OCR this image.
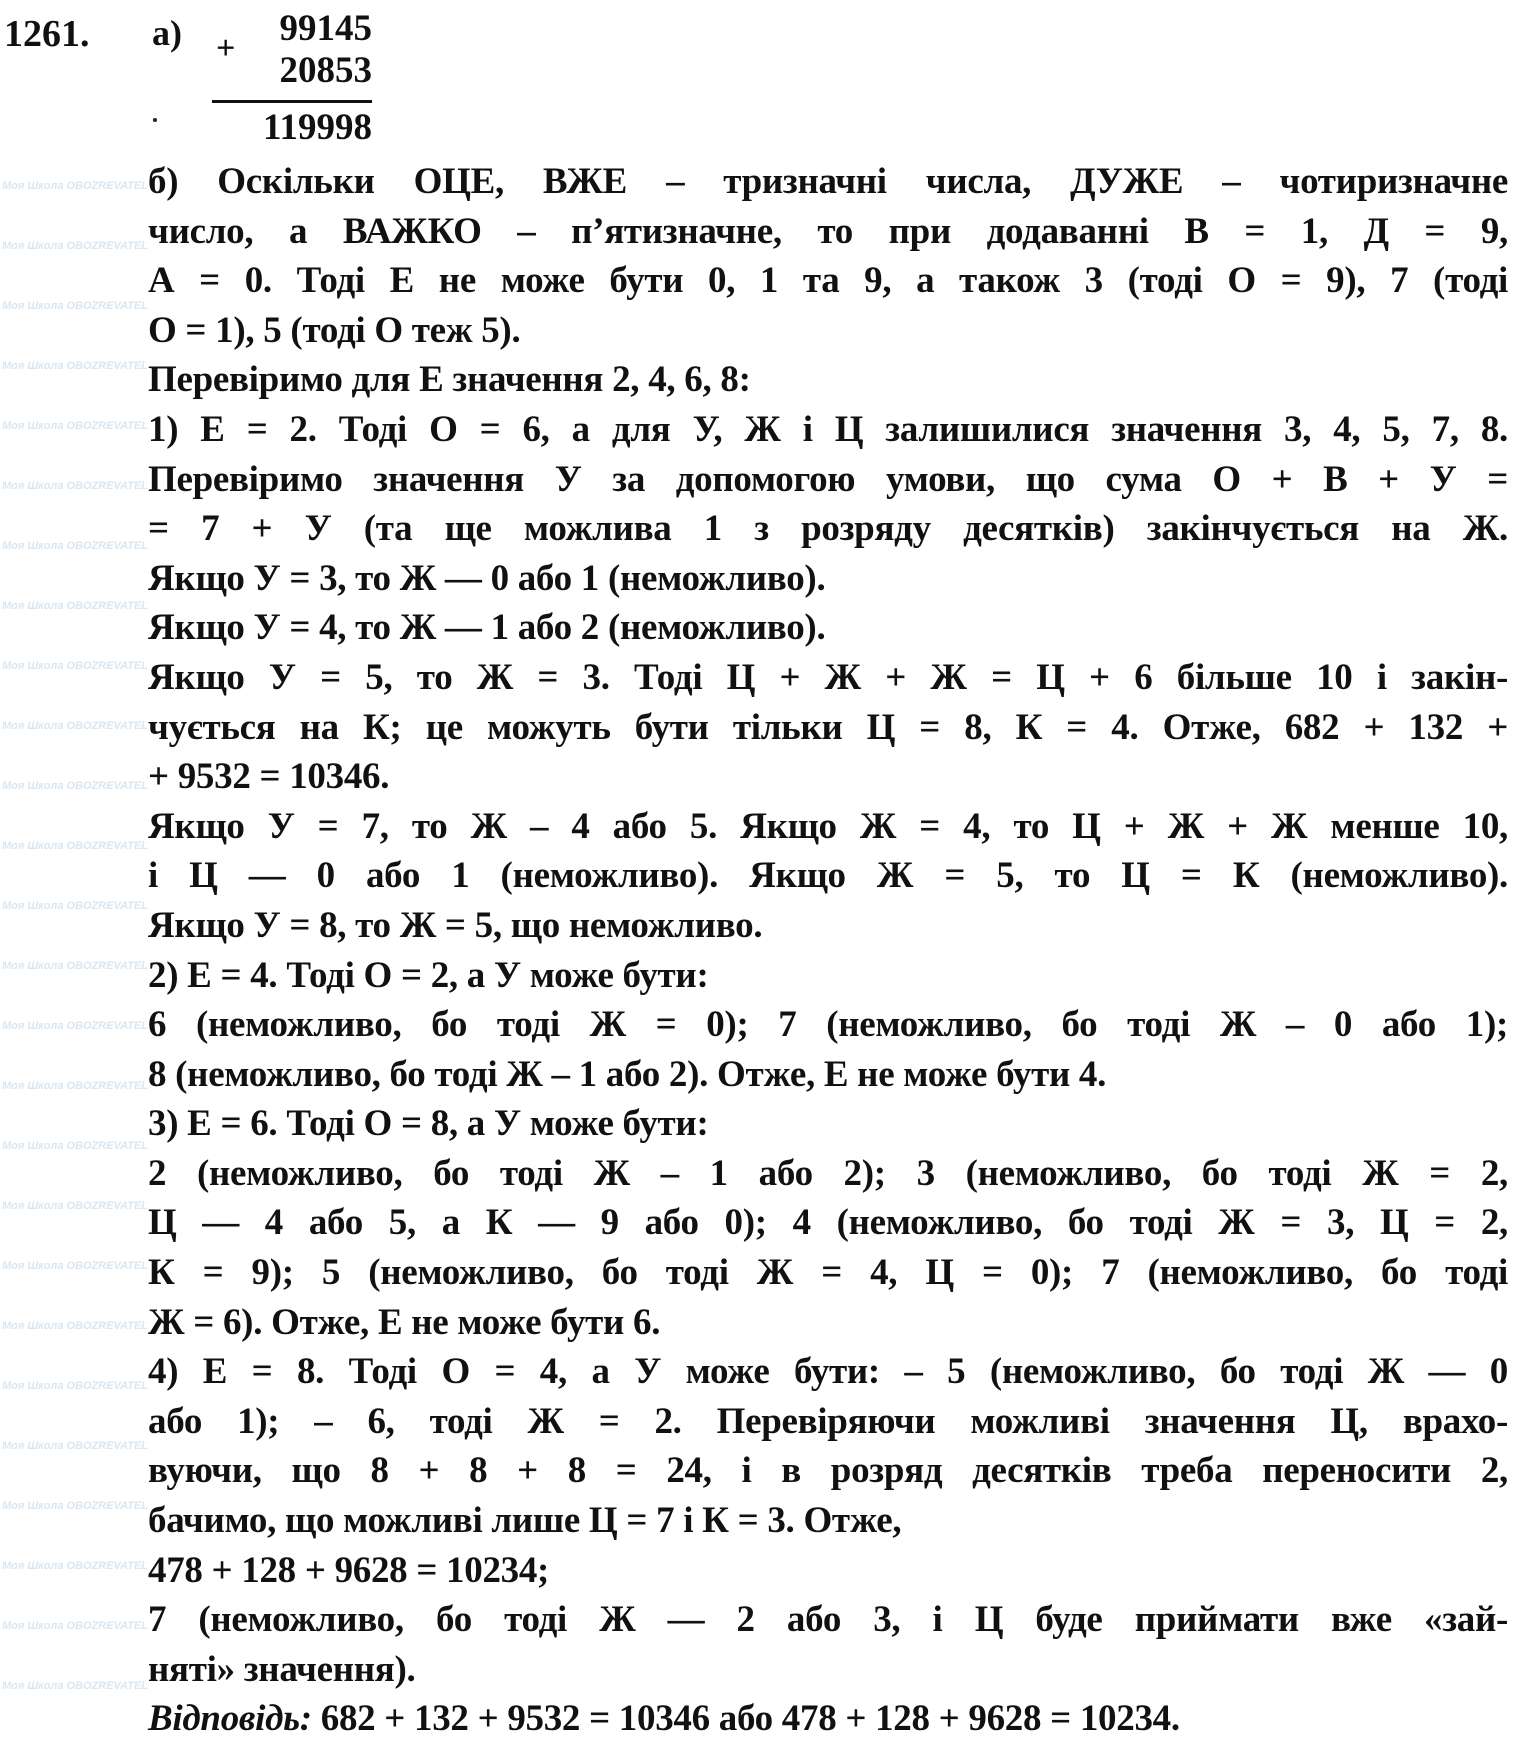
Моя Школа OBOZREVATEL
Моя Школа OBOZREVATEL
Моя Школа OBOZREVATEL
Моя Школа OBOZREVATEL
Моя Школа OBOZREVATEL
Моя Школа OBOZREVATEL
Моя Школа OBOZREVATEL
Моя Школа OBOZREVATEL
Моя Школа OBOZREVATEL
Моя Школа OBOZREVATEL
Моя Школа OBOZREVATEL
Моя Школа OBOZREVATEL
Моя Школа OBOZREVATEL
Моя Школа OBOZREVATEL
Моя Школа OBOZREVATEL
Моя Школа OBOZREVATEL
Моя Школа OBOZREVATEL
Моя Школа OBOZREVATEL
Моя Школа OBOZREVATEL
Моя Школа OBOZREVATEL
Моя Школа OBOZREVATEL
Моя Школа OBOZREVATEL
Моя Школа OBOZREVATEL
Моя Школа OBOZREVATEL
Моя Школа OBOZREVATEL
Моя Школа OBOZREVATEL
1261. а) +	99145
20853
119998
б) Оскільки ОЦЕ, ВЖЕ – тризначні числа, ДУЖЕ – чотиризначне
число, а ВАЖКО – п’ятизначне, то при додаванні В = 1, Д = 9,
А = 0. Тоді Е не може бути 0, 1 та 9, а також 3 (тоді О = 9), 7 (тоді
О = 1), 5 (тоді О теж 5).
Перевіримо для Е значення 2, 4, 6, 8:
1) Е = 2. Тоді О = 6, а для У, Ж і Ц залишилися значення 3, 4, 5, 7, 8.
Перевіримо значення У за допомогою умови, що сума О + В + У =
= 7 + У (та ще можлива 1 з розряду десятків) закінчується на Ж.
Якщо У = 3, то Ж — 0 або 1 (неможливо).
Якщо У = 4, то Ж — 1 або 2 (неможливо).
Якщо У = 5, то Ж = 3. Тоді Ц + Ж + Ж = Ц + 6 більше 10 і закін-
чується на К; це можуть бути тільки Ц = 8, К = 4. Отже, 682 + 132 +
+ 9532 = 10346.
Якщо У = 7, то Ж – 4 або 5. Якщо Ж = 4, то Ц + Ж + Ж менше 10,
і Ц — 0 або 1 (неможливо). Якщо Ж = 5, то Ц = К (неможливо).
Якщо У = 8, то Ж = 5, що неможливо.
2) Е = 4. Тоді О = 2, а У може бути:
6 (неможливо, бо тоді Ж = 0); 7 (неможливо, бо тоді Ж – 0 або 1);
8 (неможливо, бо тоді Ж – 1 або 2). Отже, Е не може бути 4.
3) Е = 6. Тоді О = 8, а У може бути:
2 (неможливо, бо тоді Ж – 1 або 2); 3 (неможливо, бо тоді Ж = 2,
Ц — 4 або 5, а К — 9 або 0); 4 (неможливо, бо тоді Ж = 3, Ц = 2,
К = 9); 5 (неможливо, бо тоді Ж = 4, Ц = 0); 7 (неможливо, бо тоді
Ж = 6). Отже, Е не може бути 6.
4) Е = 8. Тоді О = 4, а У може бути: – 5 (неможливо, бо тоді Ж — 0
або 1); – 6, тоді Ж = 2. Перевіряючи можливі значення Ц, врахо-
вуючи, що 8 + 8 + 8 = 24, і в розряд десятків треба переносити 2,
бачимо, що можливі лише Ц = 7 і К = 3. Отже,
478 + 128 + 9628 = 10234;
7 (неможливо, бо тоді Ж — 2 або 3, і Ц буде приймати вже «зай-
няті» значення).
Відповідь: 682 + 132 + 9532 = 10346 або 478 + 128 + 9628 = 10234.
